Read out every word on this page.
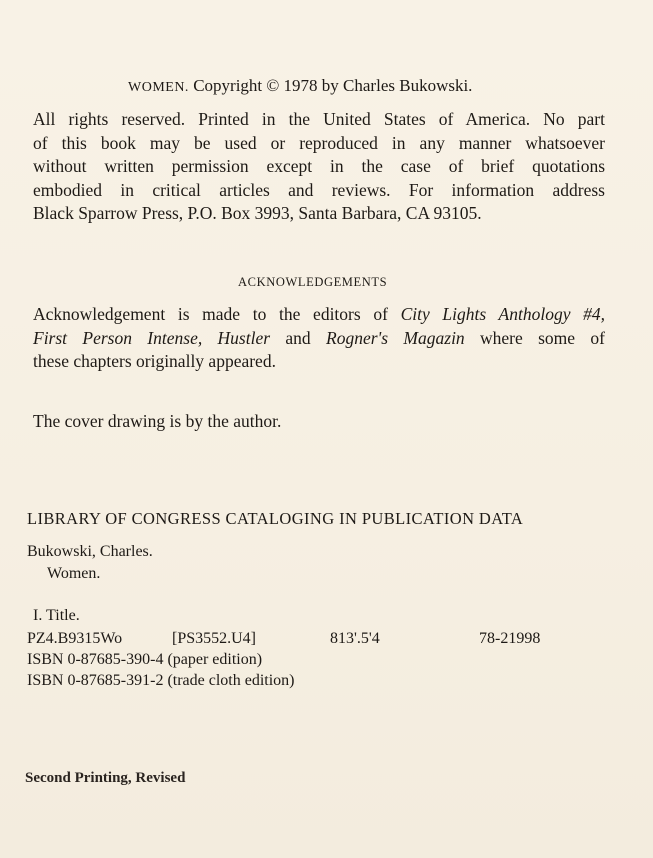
WOMEN. Copyright © 1978 by Charles Bukowski.
All rights reserved. Printed in the United States of America. No part
of this book may be used or reproduced in any manner whatsoever
without written permission except in the case of brief quotations
embodied in critical articles and reviews. For information address
Black Sparrow Press, P.O. Box 3993, Santa Barbara, CA 93105.
ACKNOWLEDGEMENTS
Acknowledgement is made to the editors of City Lights Anthology #4,
First Person Intense, Hustler and Rogner's Magazin where some of
these chapters originally appeared.
The cover drawing is by the author.
LIBRARY OF CONGRESS CATALOGING IN PUBLICATION DATA
Bukowski, Charles.
Women.
I. Title.
PZ4.B9315Wo	[PS3552.U4]	813'.5'4	78-21998
ISBN 0-87685-390-4 (paper edition)
ISBN 0-87685-391-2 (trade cloth edition)
Second Printing, Revised
